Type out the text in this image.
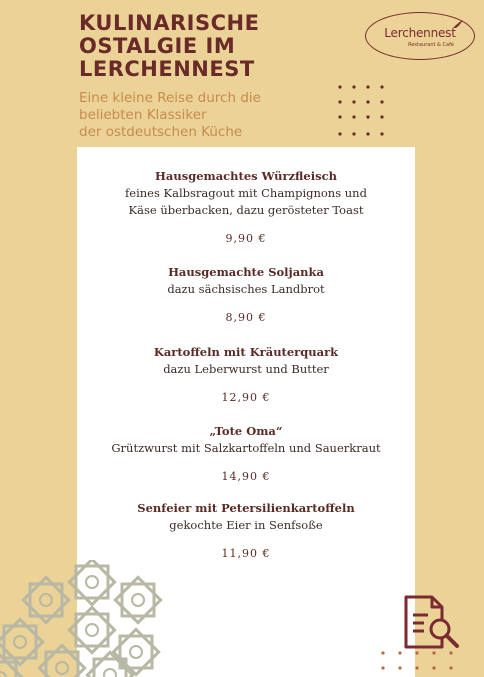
KULINARISCHE
OSTALGIE IM
LERCHENNEST
Eine kleine Reise durch die
beliebten Klassiker
der ostdeutschen Küche
Lerchennest
Restaurant & Café
Hausgemachtes Würzfleisch
feines Kalbsragout mit Champignons und
Käse überbacken, dazu gerösteter Toast
9,90 €
Hausgemachte Soljanka
dazu sächsisches Landbrot
8,90 €
Kartoffeln mit Kräuterquark
dazu Leberwurst und Butter
12,90 €
„Tote Oma“
Grützwurst mit Salzkartoffeln und Sauerkraut
14,90 €
Senfeier mit Petersilienkartoffeln
gekochte Eier in Senfsoße
11,90 €
